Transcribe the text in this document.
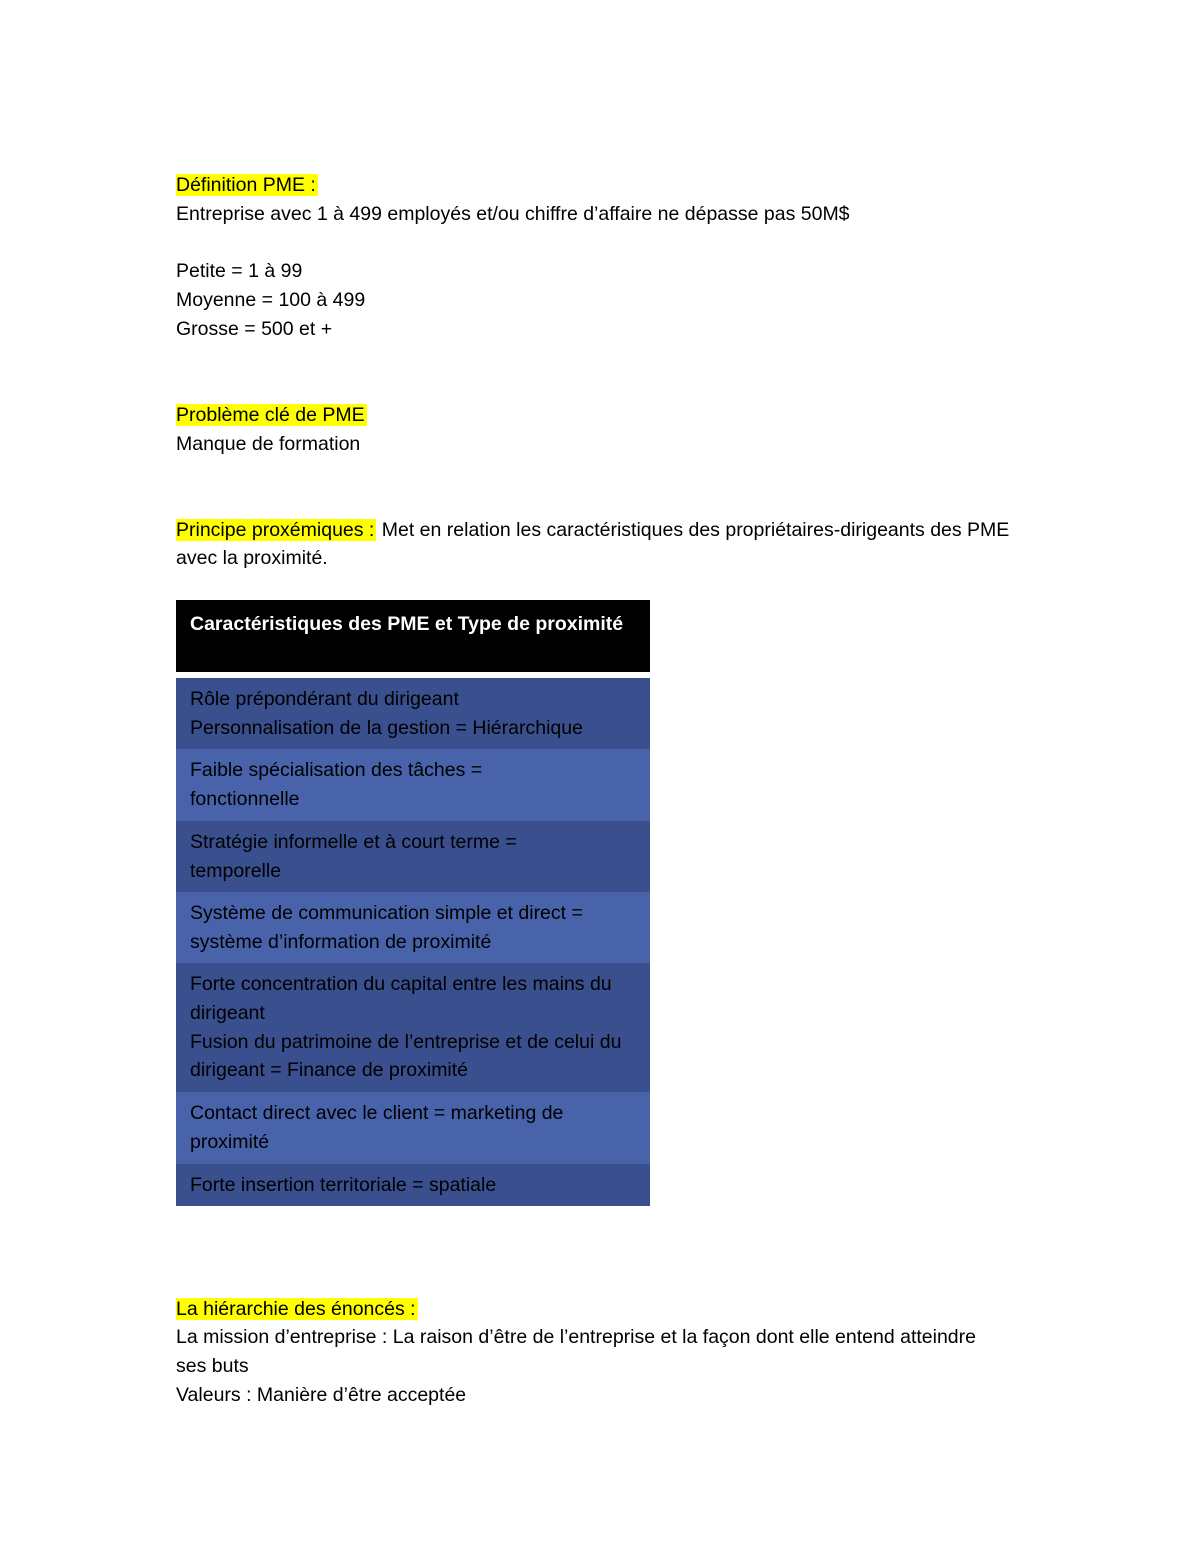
Définition PME :

Entreprise avec 1 à 499 employés et/ou chiffre d’affaire ne dépasse pas 50M$
Petite = 1 à 99
Moyenne = 100 à 499
Grosse = 500 et +

Problème clé de PME

Manque de formation

Principe proxémiques : Met en relation les caractéristiques des propriétaires-dirigeants des PME avec la proximité.

Caractéristiques des PME et Type de proximité
Rôle prépondérant du dirigeant
Personnalisation de la gestion = Hiérarchique
Faible spécialisation des tâches =
fonctionnelle
Stratégie informelle et à court terme =
temporelle
Système de communication simple et direct =
système d’information de proximité
Forte concentration du capital entre les mains du dirigeant
Fusion du patrimoine de l’entreprise et de celui du dirigeant = Finance de proximité
Contact direct avec le client = marketing de proximité
Forte insertion territoriale = spatiale

La hiérarchie des énoncés :

La mission d’entreprise : La raison d’être de l’entreprise et la façon dont elle entend atteindre ses buts
Valeurs : Manière d’être acceptée
